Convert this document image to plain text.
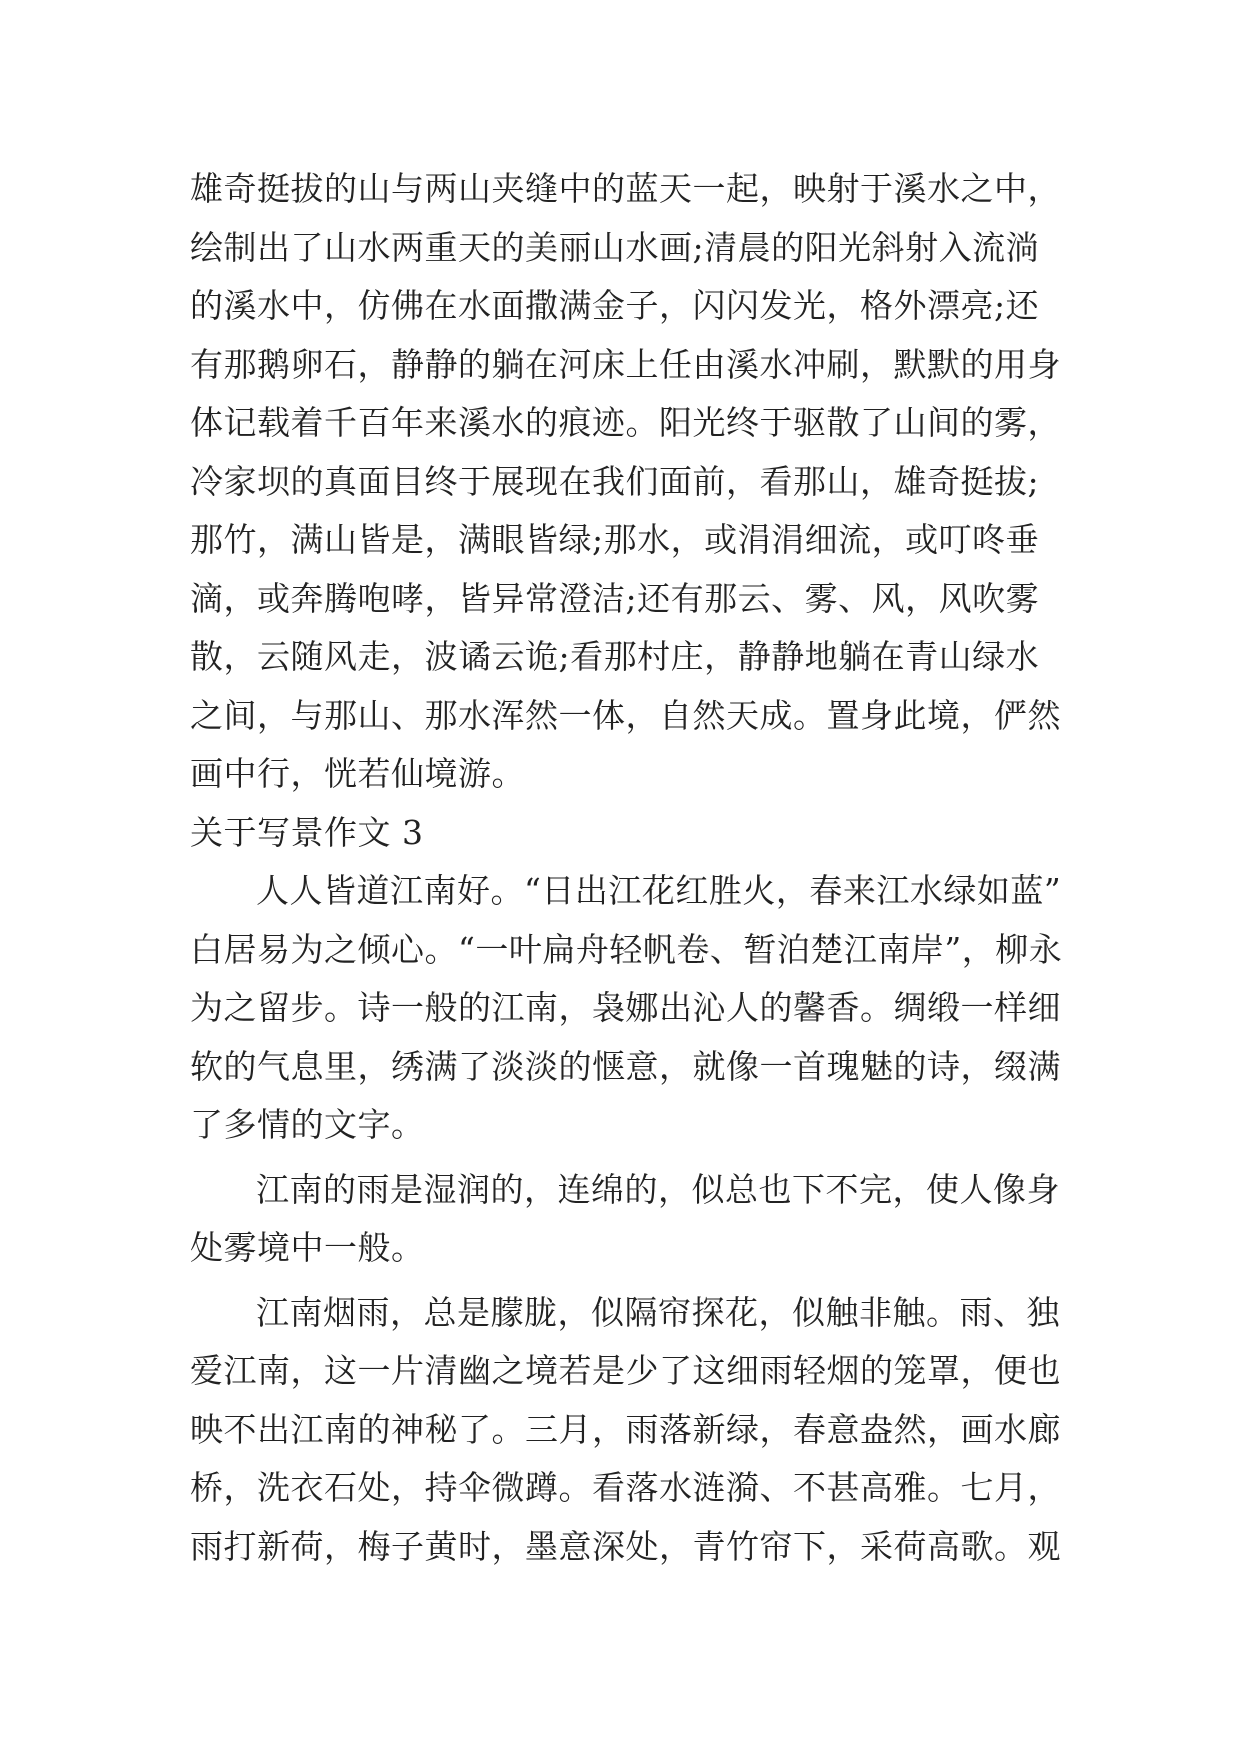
雄奇挺拔的山与两山夹缝中的蓝天一起，映射于溪水之中，
绘制出了山水两重天的美丽山水画;清晨的阳光斜射入流淌
的溪水中，仿佛在水面撒满金子，闪闪发光，格外漂亮;还
有那鹅卵石，静静的躺在河床上任由溪水冲刷，默默的用身
体记载着千百年来溪水的痕迹。阳光终于驱散了山间的雾，
冷家坝的真面目终于展现在我们面前，看那山，雄奇挺拔;
那竹，满山皆是，满眼皆绿;那水，或涓涓细流，或叮咚垂
滴，或奔腾咆哮，皆异常澄洁;还有那云、雾、风，风吹雾
散，云随风走，波谲云诡;看那村庄，静静地躺在青山绿水
之间，与那山、那水浑然一体，自然天成。置身此境，俨然
画中行，恍若仙境游。
关于写景作文 3
人人皆道江南好。“日出江花红胜火，春来江水绿如蓝”
白居易为之倾心。“一叶扁舟轻帆卷、暂泊楚江南岸”，柳永
为之留步。诗一般的江南，袅娜出沁人的馨香。绸缎一样细
软的气息里，绣满了淡淡的惬意，就像一首瑰魅的诗，缀满
了多情的文字。
江南的雨是湿润的，连绵的，似总也下不完，使人像身
处雾境中一般。
江南烟雨，总是朦胧，似隔帘探花，似触非触。雨、独
爱江南，这一片清幽之境若是少了这细雨轻烟的笼罩，便也
映不出江南的神秘了。三月，雨落新绿，春意盎然，画水廊
桥，洗衣石处，持伞微蹲。看落水涟漪、不甚高雅。七月，
雨打新荷，梅子黄时，墨意深处，青竹帘下，采荷高歌。观
